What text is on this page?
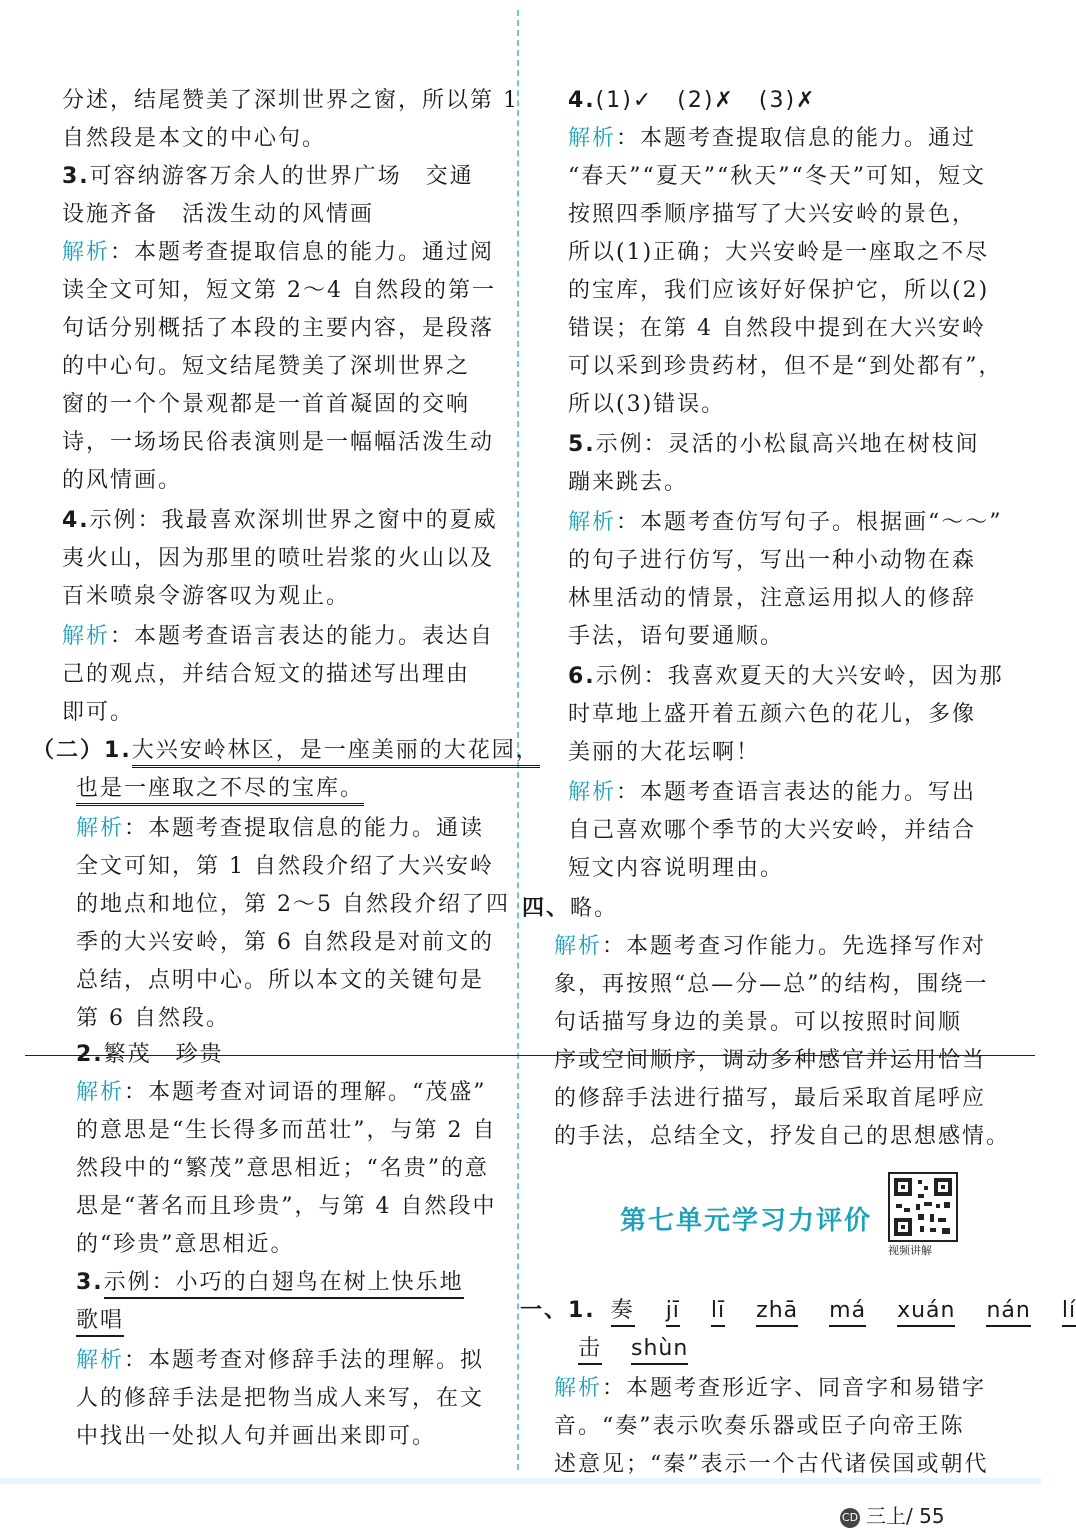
分述，结尾赞美了深圳世界之窗，所以第 1
自然段是本文的中心句。
3.可容纳游客万余人的世界广场　交通
设施齐备　活泼生动的风情画
解析：本题考查提取信息的能力。通过阅
读全文可知，短文第 2～4 自然段的第一
句话分别概括了本段的主要内容，是段落
的中心句。短文结尾赞美了深圳世界之
窗的一个个景观都是一首首凝固的交响
诗，一场场民俗表演则是一幅幅活泼生动
的风情画。
4.示例：我最喜欢深圳世界之窗中的夏威
夷火山，因为那里的喷吐岩浆的火山以及
百米喷泉令游客叹为观止。
解析：本题考查语言表达的能力。表达自
己的观点，并结合短文的描述写出理由
即可。
（二）1.大兴安岭林区，是一座美丽的大花园，
也是一座取之不尽的宝库。
解析：本题考查提取信息的能力。通读
全文可知，第 1 自然段介绍了大兴安岭
的地点和地位，第 2～5 自然段介绍了四
季的大兴安岭，第 6 自然段是对前文的
总结，点明中心。所以本文的关键句是
第 6 自然段。
2.繁茂　珍贵
解析：本题考查对词语的理解。“茂盛”
的意思是“生长得多而茁壮”，与第 2 自
然段中的“繁茂”意思相近；“名贵”的意
思是“著名而且珍贵”，与第 4 自然段中
的“珍贵”意思相近。
3.示例：小巧的白翅鸟在树上快乐地
歌唱
解析：本题考查对修辞手法的理解。拟
人的修辞手法是把物当成人来写，在文
中找出一处拟人句并画出来即可。
4.(1)✓　(2)✗　(3)✗
解析：本题考查提取信息的能力。通过
“春天”“夏天”“秋天”“冬天”可知，短文
按照四季顺序描写了大兴安岭的景色，
所以(1)正确；大兴安岭是一座取之不尽
的宝库，我们应该好好保护它，所以(2)
错误；在第 4 自然段中提到在大兴安岭
可以采到珍贵药材，但不是“到处都有”，
所以(3)错误。
5.示例：灵活的小松鼠高兴地在树枝间
蹦来跳去。
解析：本题考查仿写句子。根据画“～～”
的句子进行仿写，写出一种小动物在森
林里活动的情景，注意运用拟人的修辞
手法，语句要通顺。
6.示例：我喜欢夏天的大兴安岭，因为那
时草地上盛开着五颜六色的花儿，多像
美丽的大花坛啊！
解析：本题考查语言表达的能力。写出
自己喜欢哪个季节的大兴安岭，并结合
短文内容说明理由。
四、略。
解析：本题考查习作能力。先选择写作对
象，再按照“总—分—总”的结构，围绕一
句话描写身边的美景。可以按照时间顺
序或空间顺序，调动多种感官并运用恰当
的修辞手法进行描写，最后采取首尾呼应
的手法，总结全文，抒发自己的思想感情。
第七单元学习力评价
视频讲解
一、1. 奏 jī lī zhā má xuán nán lí
击 shùn
解析：本题考查形近字、同音字和易错字
音。“奏”表示吹奏乐器或臣子向帝王陈
述意见；“秦”表示一个古代诸侯国或朝代
CD 三上/ 55
